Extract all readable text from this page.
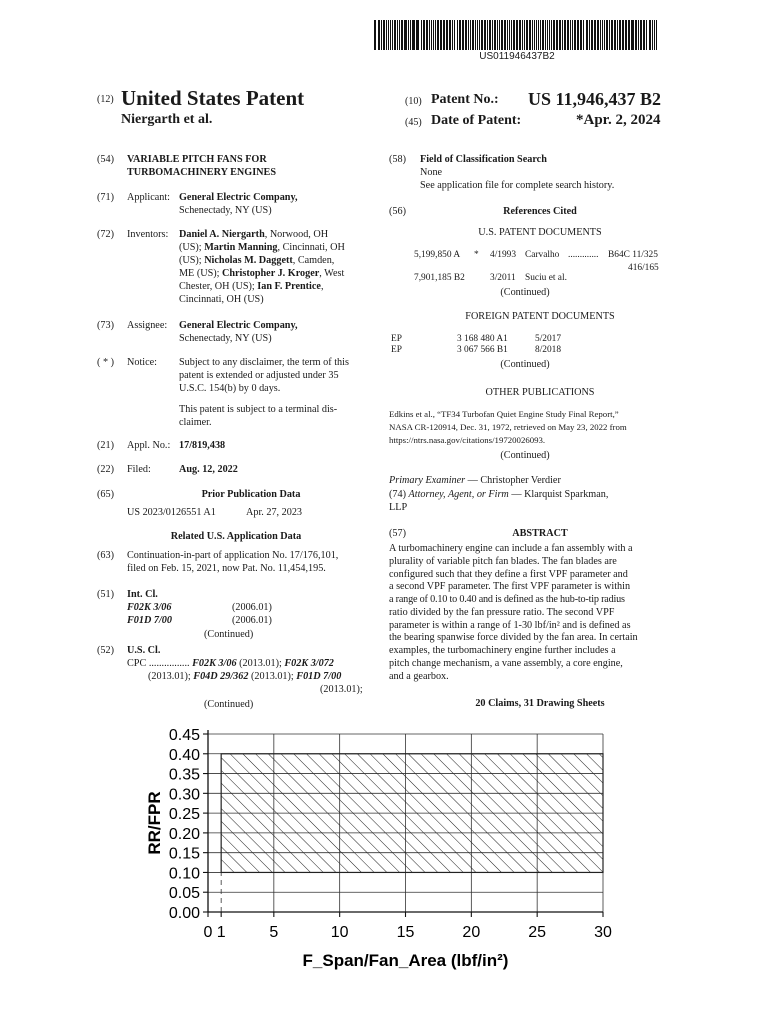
US011946437B2
(12) United States Patent
Niergarth et al.
(10) Patent No.: US 11,946,437 B2
(45) Date of Patent:	*Apr. 2, 2024
(54) VARIABLE PITCH FANS FOR
TURBOMACHINERY ENGINES
(71) Applicant: General Electric Company,
Schenectady, NY (US)
(72) Inventors: Daniel A. Niergarth, Norwood, OH
(US); Martin Manning, Cincinnati, OH
(US); Nicholas M. Daggett, Camden,
ME (US); Christopher J. Kroger, West
Chester, OH (US); Ian F. Prentice,
Cincinnati, OH (US)
(73) Assignee: General Electric Company,
Schenectady, NY (US)
( * ) Notice: Subject to any disclaimer, the term of this
patent is extended or adjusted under 35
U.S.C. 154(b) by 0 days.
This patent is subject to a terminal dis-
claimer.
(21) Appl. No.: 17/819,438
(22) Filed:	Aug. 12, 2022
(65)	Prior Publication Data
US 2023/0126551 A1	Apr. 27, 2023
Related U.S. Application Data
(63) Continuation-in-part of application No. 17/176,101,
filed on Feb. 15, 2021, now Pat. No. 11,454,195.
(51) Int. Cl.
F02K 3/06	(2006.01)
F01D 7/00	(2006.01)
(Continued)
(52) U.S. Cl.
CPC ................ F02K 3/06 (2013.01); F02K 3/072
(2013.01); F04D 29/362 (2013.01); F01D 7/00
(2013.01);
(Continued)
(58) Field of Classification Search
None
See application file for complete search history.
(56)	References Cited
U.S. PATENT DOCUMENTS
5,199,850 A * 4/1993 Carvalho ............. B64C 11/325
416/165
7,901,185 B2	3/2011 Suciu et al.
(Continued)
FOREIGN PATENT DOCUMENTS
EP	3 168 480 A1	5/2017
EP	3 067 566 B1	8/2018
(Continued)
OTHER PUBLICATIONS
Edkins et al., “TF34 Turbofan Quiet Engine Study Final Report,”
NASA CR-120914, Dec. 31, 1972, retrieved on May 23, 2022 from
https://ntrs.nasa.gov/citations/19720026093.
(Continued)
Primary Examiner — Christopher Verdier
(74) Attorney, Agent, or Firm — Klarquist Sparkman,
LLP
(57)	ABSTRACT
A turbomachinery engine can include a fan assembly with a
plurality of variable pitch fan blades. The fan blades are
configured such that they define a first VPF parameter and
a second VPF parameter. The first VPF parameter is within
a range of 0.10 to 0.40 and is defined as the hub-to-tip radius
ratio divided by the fan pressure ratio. The second VPF
parameter is within a range of 1-30 lbf/in² and is defined as
the bearing spanwise force divided by the fan area. In certain
examples, the turbomachinery engine further includes a
pitch change mechanism, a vane assembly, a core engine,
and a gearbox.
20 Claims, 31 Drawing Sheets
0.00
0.05
0.10
0.15
0.20
0.25
0.30
0.35
0.40
0.45
0 1	5	10	15	20	25	30
F_Span/Fan_Area (lbf/in²)
RR/FPR
